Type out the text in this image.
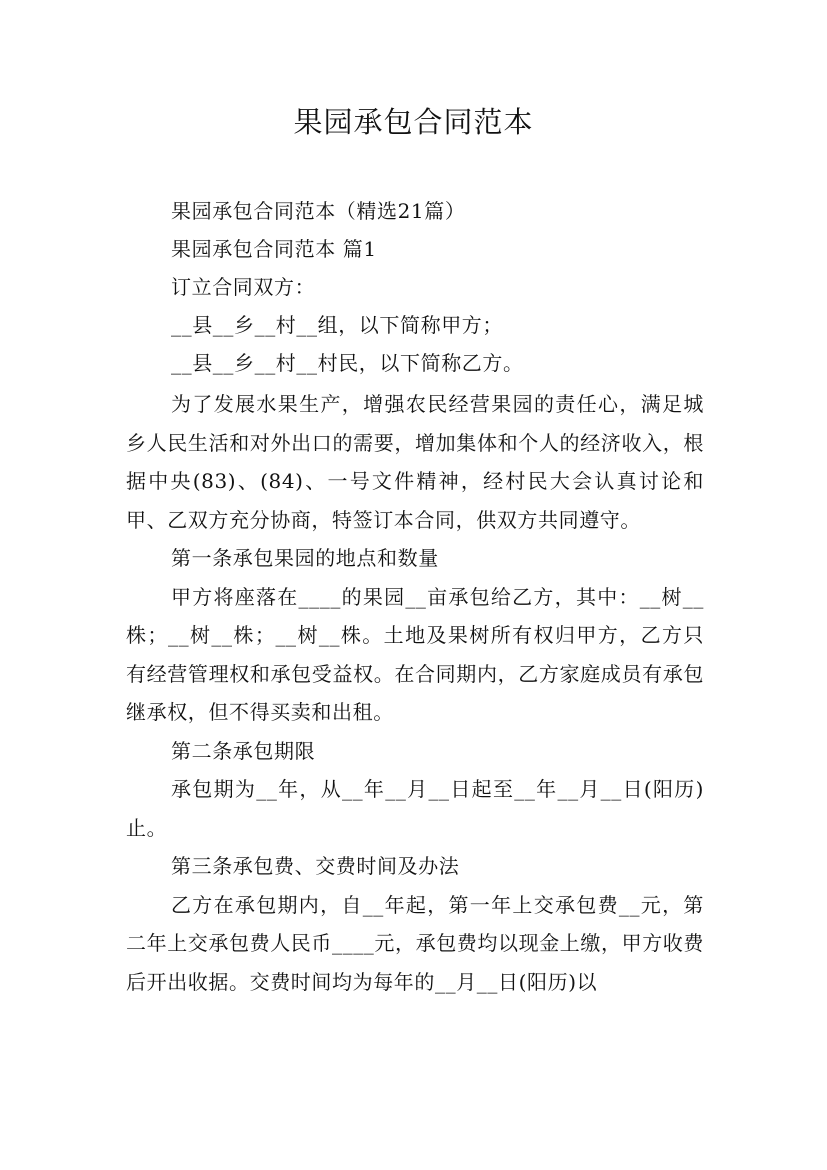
果园承包合同范本

果园承包合同范本（精选21篇）

果园承包合同范本 篇1

订立合同双方：

__县__乡__村__组，以下简称甲方；

__县__乡__村__村民，以下简称乙方。

为了发展水果生产，增强农民经营果园的责任心，满足城乡人民生活和对外出口的需要，增加集体和个人的经济收入，根据中央(83)、(84)、一号文件精神，经村民大会认真讨论和甲、乙双方充分协商，特签订本合同，供双方共同遵守。

第一条承包果园的地点和数量

甲方将座落在____的果园__亩承包给乙方，其中：__树__株；__树__株；__树__株。土地及果树所有权归甲方，乙方只有经营管理权和承包受益权。在合同期内，乙方家庭成员有承包继承权，但不得买卖和出租。

第二条承包期限

承包期为__年，从__年__月__日起至__年__月__日(阳历)止。

第三条承包费、交费时间及办法

乙方在承包期内，自__年起，第一年上交承包费__元，第二年上交承包费人民币____元，承包费均以现金上缴，甲方收费后开出收据。交费时间均为每年的__月__日(阳历)以
